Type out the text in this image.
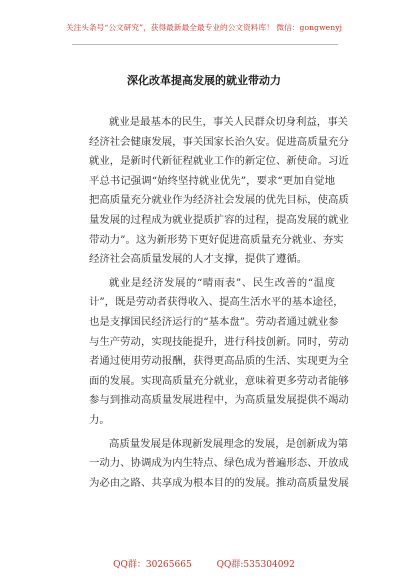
关注头条号“公文研究”，获得最新最全最专业的公文资料库！ 微信：gongwenyj
深化改革提高发展的就业带动力
就业是最基本的民生，事关人民群众切身利益，事关
经济社会健康发展，事关国家长治久安。促进高质量充分
就业，是新时代新征程就业工作的新定位、新使命。习近
平总书记强调“始终坚持就业优先”，要求“更加自觉地
把高质量充分就业作为经济社会发展的优先目标，使高质
量发展的过程成为就业提质扩容的过程，提高发展的就业
带动力”。这为新形势下更好促进高质量充分就业、夯实
经济社会高质量发展的人才支撑，提供了遵循。
就业是经济发展的“晴雨表”、民生改善的“温度
计”，既是劳动者获得收入、提高生活水平的基本途径，
也是支撑国民经济运行的“基本盘”。劳动者通过就业参
与生产劳动，实现技能提升，进行科技创新。同时，劳动
者通过使用劳动报酬，获得更高品质的生活、实现更为全
面的发展。实现高质量充分就业，意味着更多劳动者能够
参与到推动高质量发展进程中，为高质量发展提供不竭动
力。
高质量发展是体现新发展理念的发展，是创新成为第
一动力、协调成为内生特点、绿色成为普遍形态、开放成
为必由之路、共享成为根本目的的发展。推动高质量发展
QQ群：30265665	QQ群:535304092
